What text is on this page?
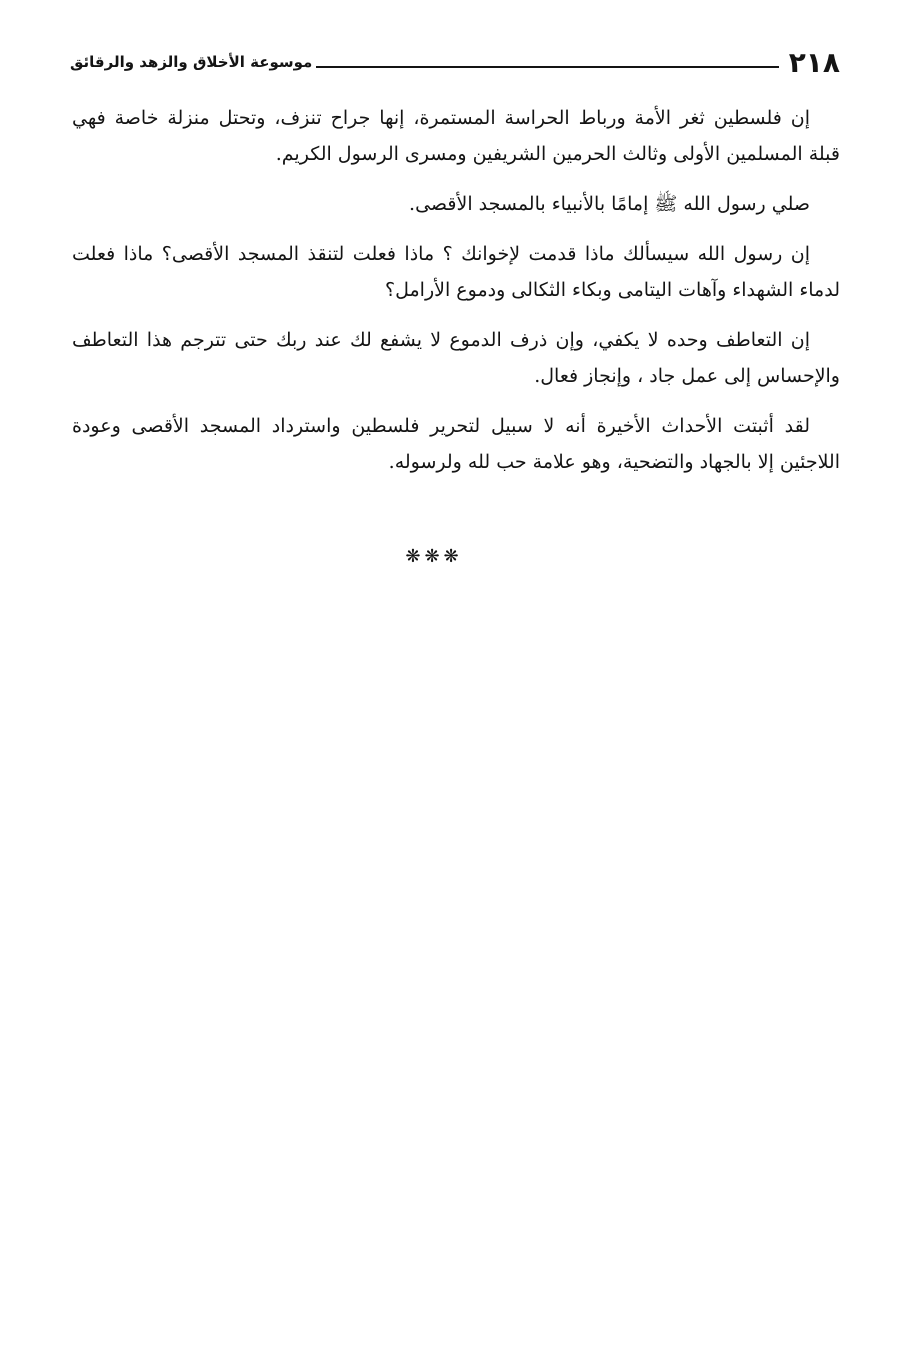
٢١٨
موسوعة الأخلاق والزهد والرقائق

إن فلسطين ثغر الأمة ورباط الحراسة المستمرة، إنها جراح تنزف، وتحتل منزلة خاصة فهي قبلة المسلمين الأولى وثالث الحرمين الشريفين ومسرى الرسول الكريم.

صلي رسول الله ﷺ إمامًا بالأنبياء بالمسجد الأقصى.

إن رسول الله سيسألك ماذا قدمت لإخوانك ؟ ماذا فعلت لتنقذ المسجد الأقصى؟ ماذا فعلت لدماء الشهداء وآهات اليتامى وبكاء الثكالى ودموع الأرامل؟

إن التعاطف وحده لا يكفي، وإن ذرف الدموع لا يشفع لك عند ربك حتى تترجم هذا التعاطف والإحساس إلى عمل جاد ، وإنجاز فعال.

لقد أثبتت الأحداث الأخيرة أنه لا سبيل لتحرير فلسطين واسترداد المسجد الأقصى وعودة اللاجئين إلا بالجهاد والتضحية، وهو علامة حب لله ولرسوله.

❋❋❋
